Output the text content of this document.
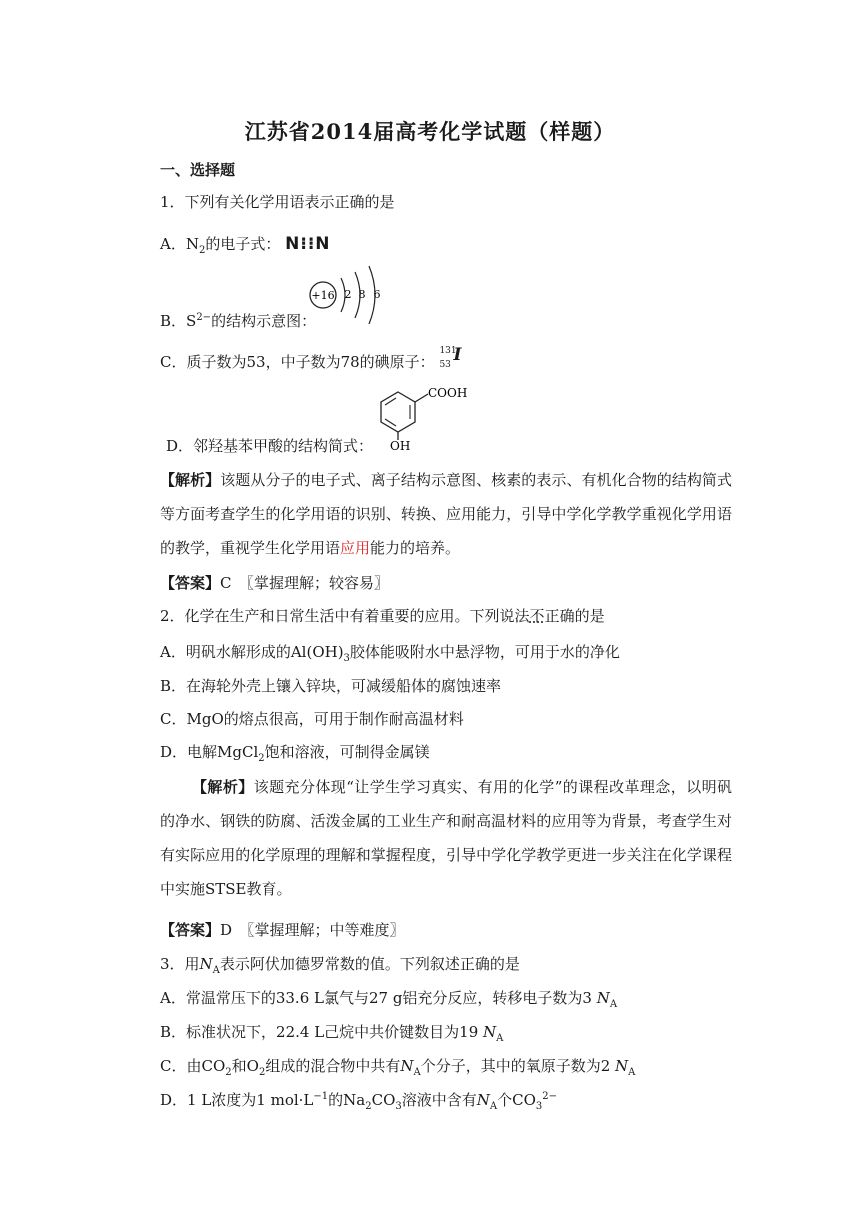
江苏省2014届高考化学试题（样题）
一、选择题
1．下列有关化学用语表示正确的是
A．$N_2$的电子式： N⁝⁝N
B．$S^{2-}$的结构示意图：
+16 2 8 6
C．质子数为53，中子数为78的碘原子：
131
53 I
COOH
OH
D．邻羟基苯甲酸的结构简式：
【解析】该题从分子的电子式、离子结构示意图、核素的表示、有机化合物的结构简式等方面考查学生的化学用语的识别、转换、应用能力，引导中学化学教学重视化学用语的教学，重视学生化学用语应用能力的培养。
【答案】C　〖掌握理解；较容易〗
2．化学在生产和日常生活中有着重要的应用。下列说法不正确的是
A．明矾水解形成的$Al(OH)_3$胶体能吸附水中悬浮物，可用于水的净化
B．在海轮外壳上镶入锌块，可减缓船体的腐蚀速率
C．MgO的熔点很高，可用于制作耐高温材料
D．电解MgCl$_2$饱和溶液，可制得金属镁
【解析】该题充分体现“让学生学习真实、有用的化学”的课程改革理念，以明矾的净水、钢铁的防腐、活泼金属的工业生产和耐高温材料的应用等为背景，考查学生对有实际应用的化学原理的理解和掌握程度，引导中学化学教学更进一步关注在化学课程中实施STSE教育。
【答案】D　〖掌握理解；中等难度〗
3．用$N_A$表示阿伏加德罗常数的值。下列叙述正确的是
A．常温常压下的33.6 L氯气与27 g铝充分反应，转移电子数为3 $N_A$
B．标准状况下，22.4 L己烷中共价键数目为19 $N_A$
C．由$CO_2$和$O_2$组成的混合物中共有$N_A$个分子，其中的氧原子数为2 $N_A$
D．1 L浓度为1 $mol\cdot L^{-1}$的$Na_2CO_3$溶液中含有$N_A$个$CO_3^{2-}$
